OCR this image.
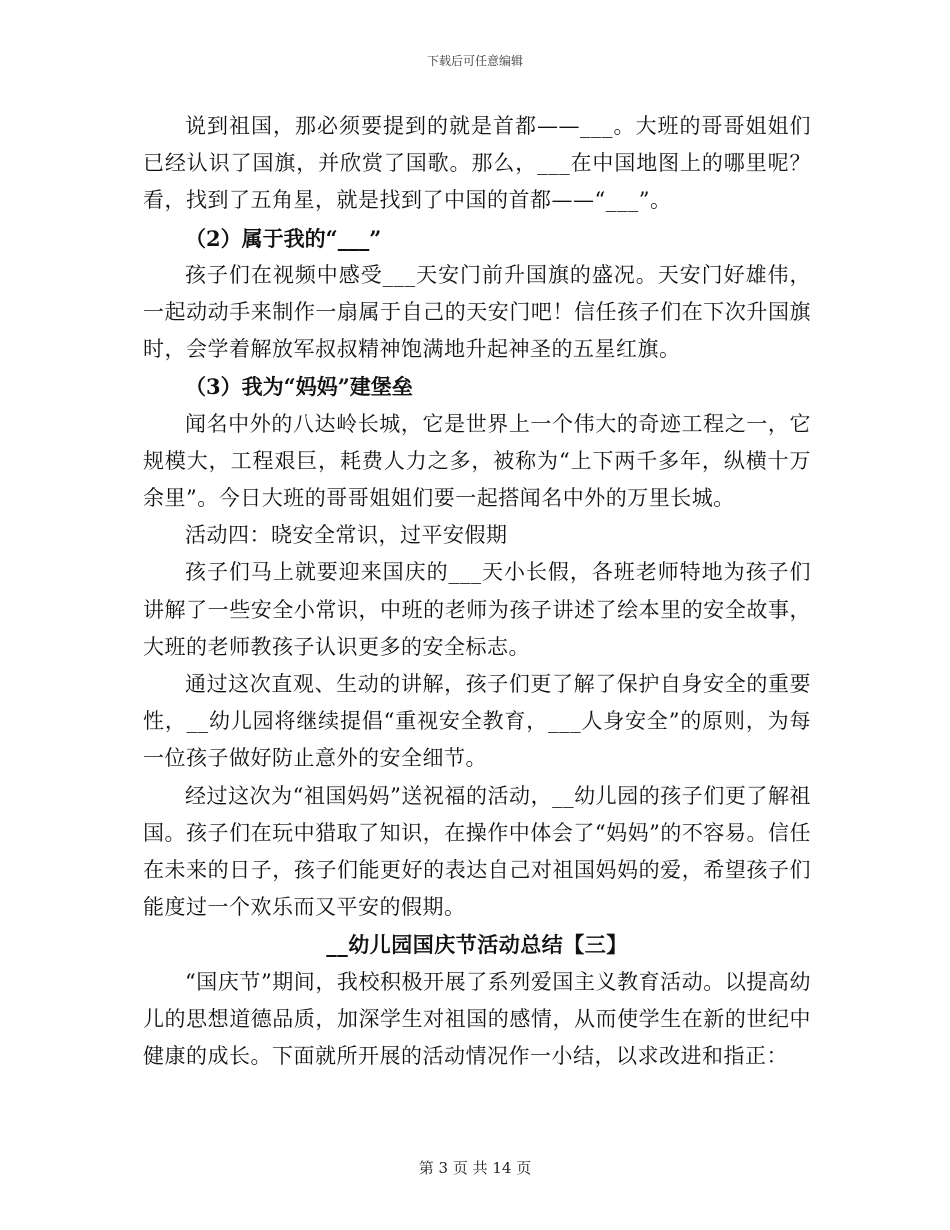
下载后可任意编辑

说到祖国，那必须要提到的就是首都——___。大班的哥哥姐姐们已经认识了国旗，并欣赏了国歌。那么，___在中国地图上的哪里呢？看，找到了五角星，就是找到了中国的首都——“___”。

（2）属于我的“___”

孩子们在视频中感受___天安门前升国旗的盛况。天安门好雄伟，一起动动手来制作一扇属于自己的天安门吧！信任孩子们在下次升国旗时，会学着解放军叔叔精神饱满地升起神圣的五星红旗。

（3）我为“妈妈”建堡垒

闻名中外的八达岭长城，它是世界上一个伟大的奇迹工程之一，它规模大，工程艰巨，耗费人力之多，被称为“上下两千多年，纵横十万余里”。今日大班的哥哥姐姐们要一起搭闻名中外的万里长城。

活动四：晓安全常识，过平安假期

孩子们马上就要迎来国庆的___天小长假，各班老师特地为孩子们讲解了一些安全小常识，中班的老师为孩子讲述了绘本里的安全故事，大班的老师教孩子认识更多的安全标志。

通过这次直观、生动的讲解，孩子们更了解了保护自身安全的重要性，__幼儿园将继续提倡“重视安全教育，___人身安全”的原则，为每一位孩子做好防止意外的安全细节。

经过这次为“祖国妈妈”送祝福的活动，__幼儿园的孩子们更了解祖国。孩子们在玩中猎取了知识，在操作中体会了“妈妈”的不容易。信任在未来的日子，孩子们能更好的表达自己对祖国妈妈的爱，希望孩子们能度过一个欢乐而又平安的假期。

__幼儿园国庆节活动总结【三】

“国庆节”期间，我校积极开展了系列爱国主义教育活动。以提高幼儿的思想道德品质，加深学生对祖国的感情，从而使学生在新的世纪中健康的成长。下面就所开展的活动情况作一小结，以求改进和指正：

第 3 页 共 14 页
